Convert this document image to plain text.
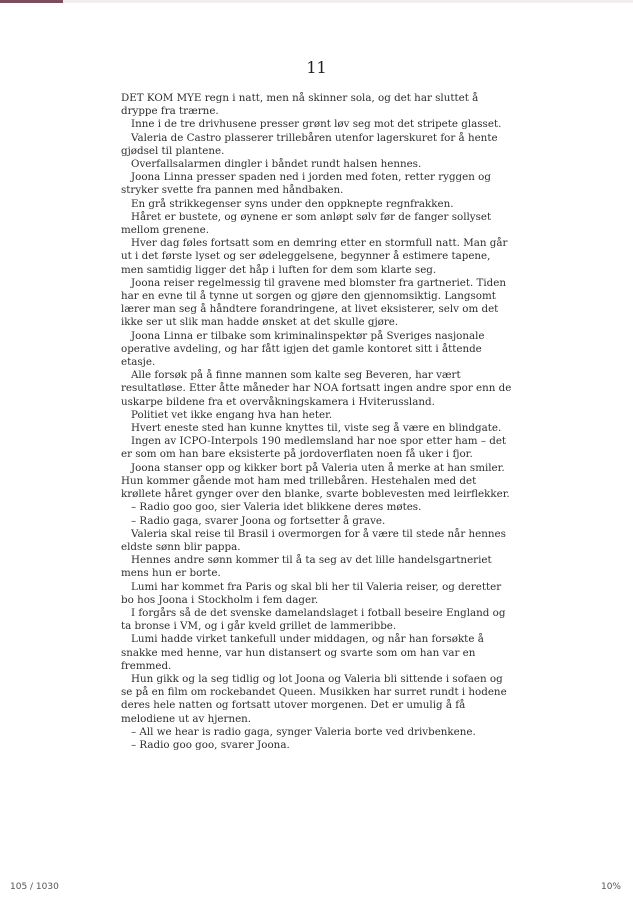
11

DET KOM MYE regn i natt, men nå skinner sola, og det har sluttet å dryppe fra trærne.

Inne i de tre drivhusene presser grønt løv seg mot det stripete glasset.

Valeria de Castro plasserer trillebåren utenfor lagerskuret for å hente gjødsel til plantene.

Overfallsalarmen dingler i båndet rundt halsen hennes.

Joona Linna presser spaden ned i jorden med foten, retter ryggen og stryker svette fra pannen med håndbaken.

En grå strikkegenser syns under den oppknepte regnfrakken.

Håret er bustete, og øynene er som anløpt sølv før de fanger sollyset mellom grenene.

Hver dag føles fortsatt som en demring etter en stormfull natt. Man går ut i det første lyset og ser ødeleggelsene, begynner å estimere tapene, men samtidig ligger det håp i luften for dem som klarte seg.

Joona reiser regelmessig til gravene med blomster fra gartneriet. Tiden har en evne til å tynne ut sorgen og gjøre den gjennomsiktig. Langsomt lærer man seg å håndtere forandringene, at livet eksisterer, selv om det ikke ser ut slik man hadde ønsket at det skulle gjøre.

Joona Linna er tilbake som kriminalinspektør på Sveriges nasjonale operative avdeling, og har fått igjen det gamle kontoret sitt i åttende etasje.

Alle forsøk på å finne mannen som kalte seg Beveren, har vært resultatløse. Etter åtte måneder har NOA fortsatt ingen andre spor enn de uskarpe bildene fra et overvåkningskamera i Hviterussland.

Politiet vet ikke engang hva han heter.

Hvert eneste sted han kunne knyttes til, viste seg å være en blindgate.

Ingen av ICPO-Interpols 190 medlemsland har noe spor etter ham – det er som om han bare eksisterte på jordoverflaten noen få uker i fjor.

Joona stanser opp og kikker bort på Valeria uten å merke at han smiler. Hun kommer gående mot ham med trillebåren. Hestehalen med det krøllete håret gynger over den blanke, svarte boblevesten med leirflekker.

– Radio goo goo, sier Valeria idet blikkene deres møtes.

– Radio gaga, svarer Joona og fortsetter å grave.

Valeria skal reise til Brasil i overmorgen for å være til stede når hennes eldste sønn blir pappa.

Hennes andre sønn kommer til å ta seg av det lille handelsgartneriet mens hun er borte.

Lumi har kommet fra Paris og skal bli her til Valeria reiser, og deretter bo hos Joona i Stockholm i fem dager.

I forgårs så de det svenske damelandslaget i fotball beseire England og ta bronse i VM, og i går kveld grillet de lammeribbe.

Lumi hadde virket tankefull under middagen, og når han forsøkte å snakke med henne, var hun distansert og svarte som om han var en fremmed.

Hun gikk og la seg tidlig og lot Joona og Valeria bli sittende i sofaen og se på en film om rockebandet Queen. Musikken har surret rundt i hodene deres hele natten og fortsatt utover morgenen. Det er umulig å få melodiene ut av hjernen.

– All we hear is radio gaga, synger Valeria borte ved drivbenkene.

– Radio goo goo, svarer Joona.

105 / 1030	10%
